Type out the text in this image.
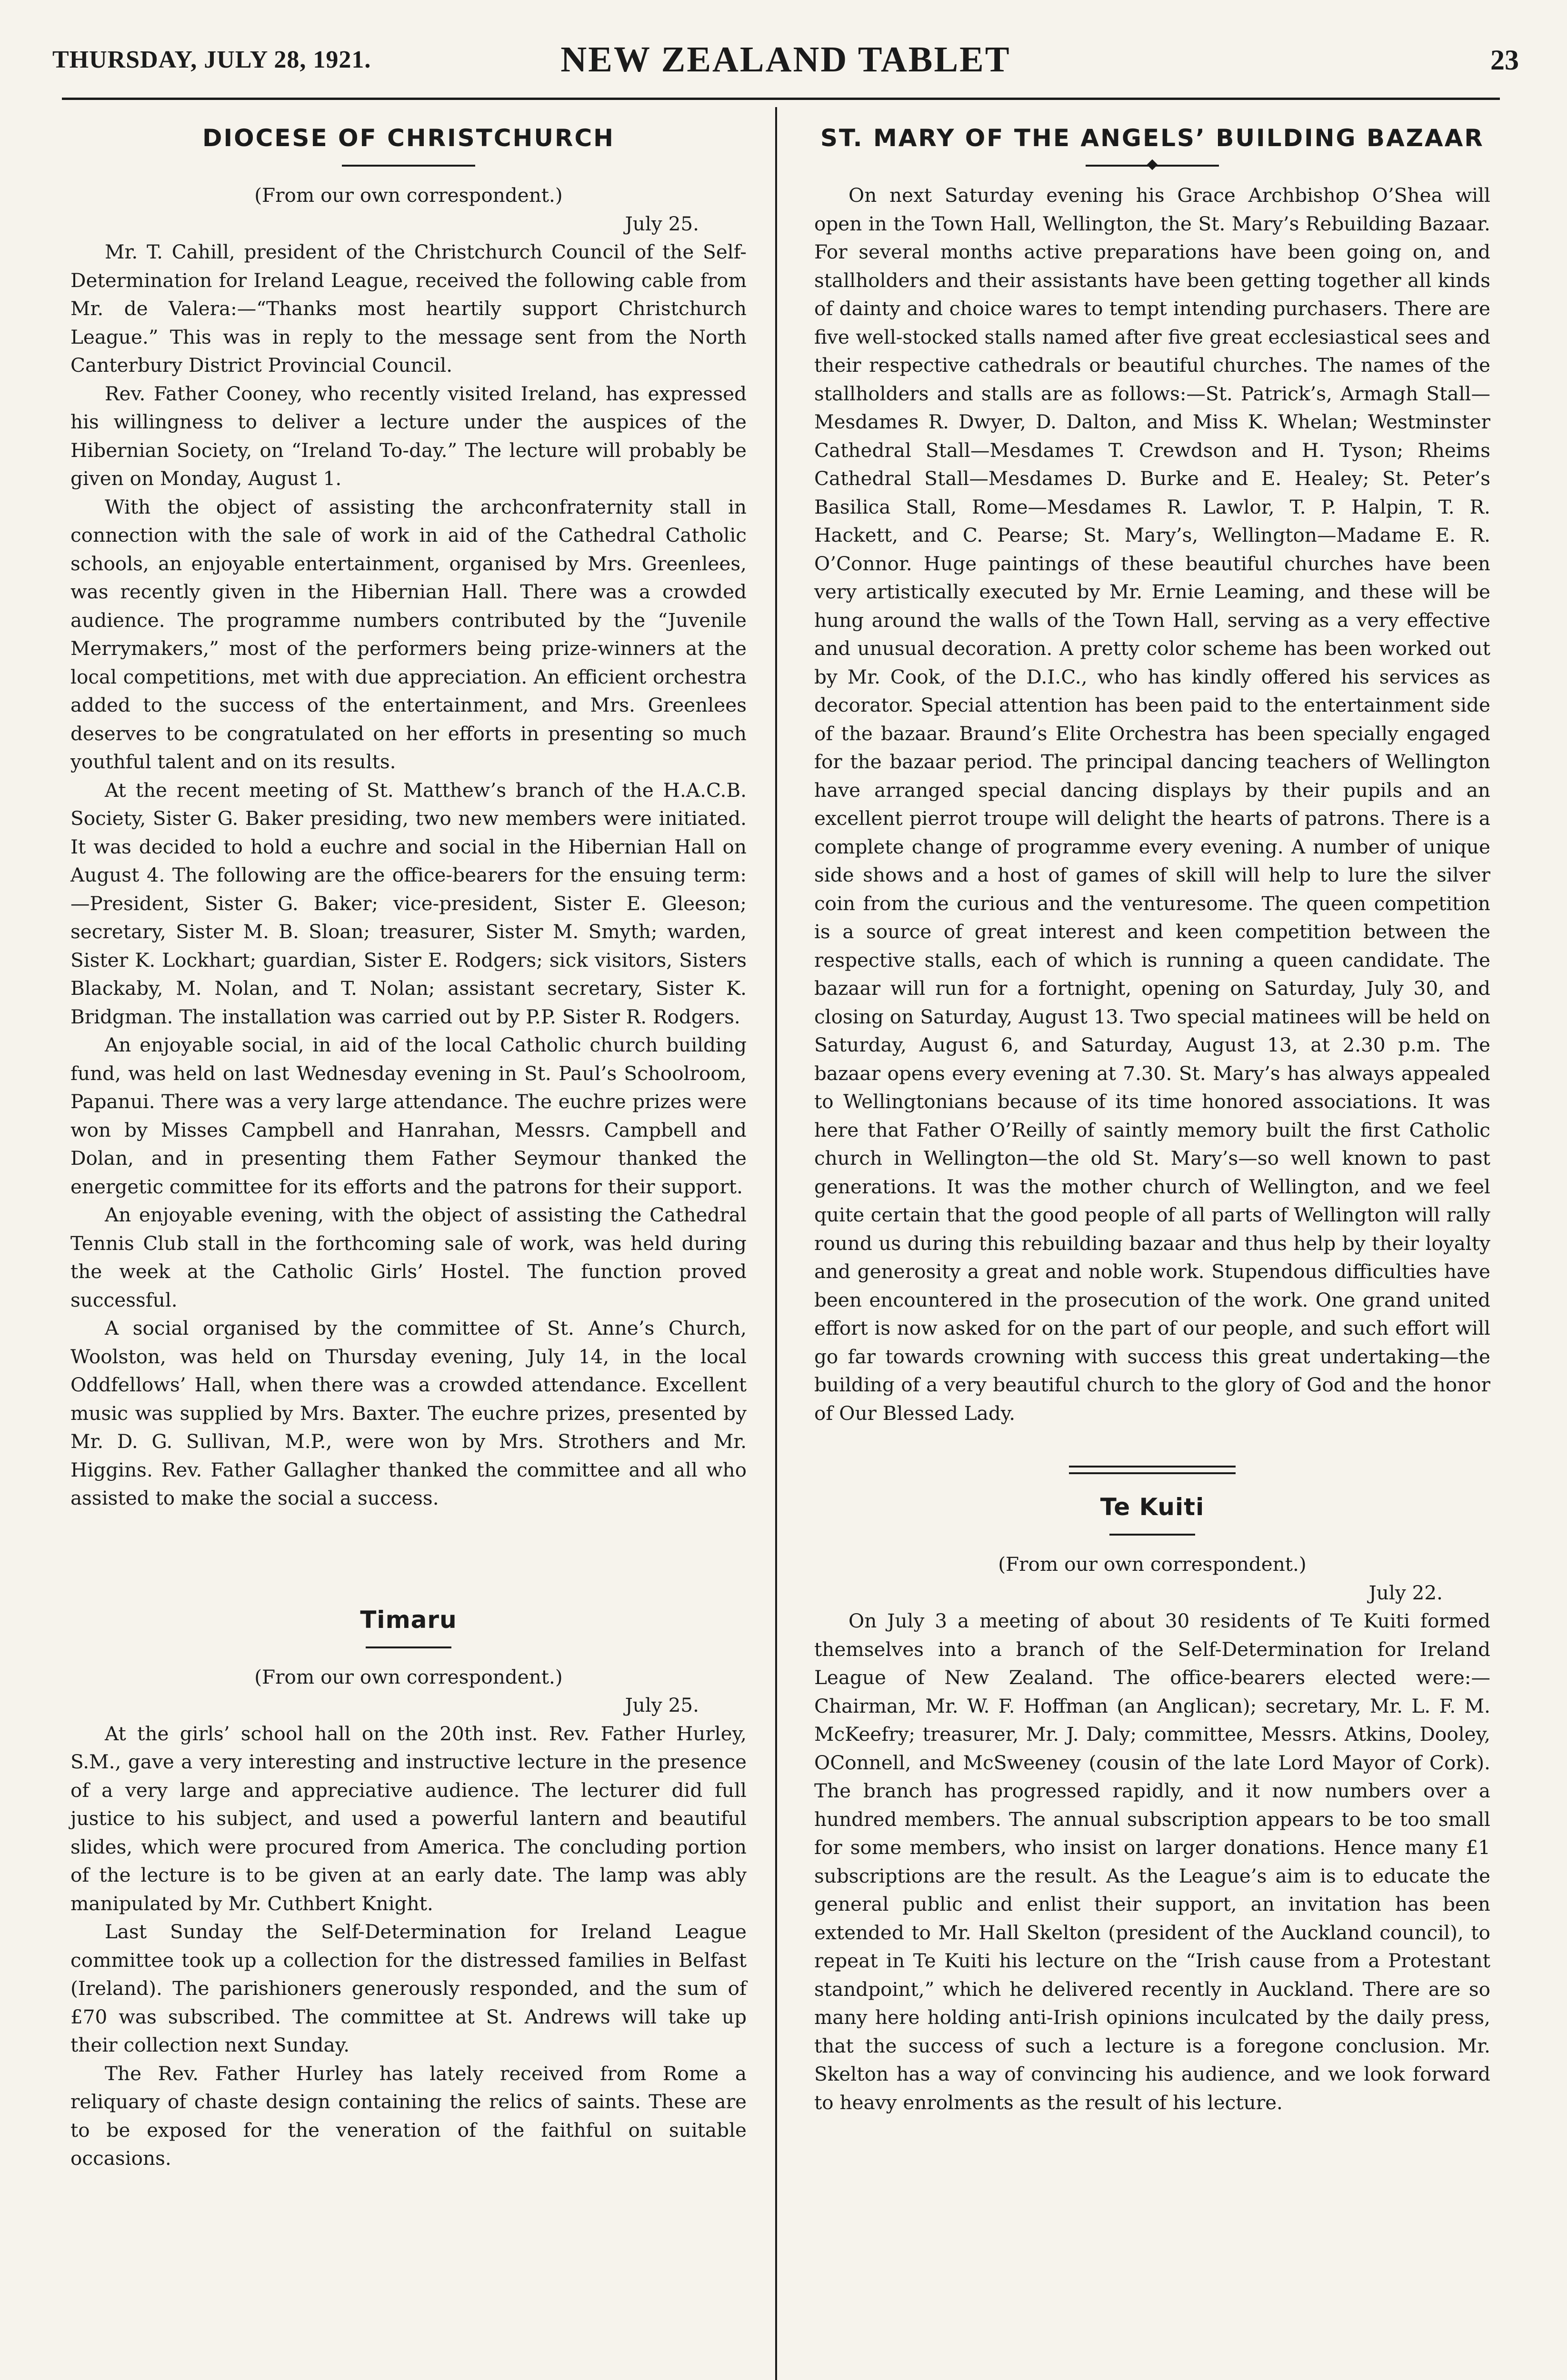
THURSDAY, JULY 28, 1921.	NEW ZEALAND TABLET	23
DIOCESE OF CHRISTCHURCH
(From our own correspondent.)
July 25.

Mr. T. Cahill, president of the Christchurch Council of the Self-Determination for Ireland League, received the following cable from Mr. de Valera:—“Thanks most heartily support Christchurch League.” This was in reply to the message sent from the North Canterbury District Provincial Council.

Rev. Father Cooney, who recently visited Ireland, has expressed his willingness to deliver a lecture under the auspices of the Hibernian Society, on “Ireland To-day.” The lecture will probably be given on Monday, August 1.

With the object of assisting the archconfraternity stall in connection with the sale of work in aid of the Cathedral Catholic schools, an enjoyable entertainment, organised by Mrs. Greenlees, was recently given in the Hibernian Hall. There was a crowded audience. The programme numbers contributed by the “Juvenile Merrymakers,” most of the performers being prize-winners at the local competitions, met with due appreciation. An efficient orchestra added to the success of the entertainment, and Mrs. Greenlees deserves to be congratulated on her efforts in presenting so much youthful talent and on its results.

At the recent meeting of St. Matthew’s branch of the H.A.C.B. Society, Sister G. Baker presiding, two new members were initiated. It was decided to hold a euchre and social in the Hibernian Hall on August 4. The following are the office-bearers for the ensuing term:—President, Sister G. Baker; vice-president, Sister E. Gleeson; secretary, Sister M. B. Sloan; treasurer, Sister M. Smyth; warden, Sister K. Lockhart; guardian, Sister E. Rodgers; sick visitors, Sisters Blackaby, M. Nolan, and T. Nolan; assistant secretary, Sister K. Bridgman. The installation was carried out by P.P. Sister R. Rodgers.

An enjoyable social, in aid of the local Catholic church building fund, was held on last Wednesday evening in St. Paul’s Schoolroom, Papanui. There was a very large attendance. The euchre prizes were won by Misses Campbell and Hanrahan, Messrs. Campbell and Dolan, and in presenting them Father Seymour thanked the energetic committee for its efforts and the patrons for their support.

An enjoyable evening, with the object of assisting the Cathedral Tennis Club stall in the forthcoming sale of work, was held during the week at the Catholic Girls’ Hostel. The function proved successful.

A social organised by the committee of St. Anne’s Church, Woolston, was held on Thursday evening, July 14, in the local Oddfellows’ Hall, when there was a crowded attendance. Excellent music was supplied by Mrs. Baxter. The euchre prizes, presented by Mr. D. G. Sullivan, M.P., were won by Mrs. Strothers and Mr. Higgins. Rev. Father Gallagher thanked the committee and all who assisted to make the social a success.

Timaru
(From our own correspondent.)
July 25.

At the girls’ school hall on the 20th inst. Rev. Father Hurley, S.M., gave a very interesting and instructive lecture in the presence of a very large and appreciative audience. The lecturer did full justice to his subject, and used a powerful lantern and beautiful slides, which were procured from America. The concluding portion of the lecture is to be given at an early date. The lamp was ably manipulated by Mr. Cuthbert Knight.

Last Sunday the Self-Determination for Ireland League committee took up a collection for the distressed families in Belfast (Ireland). The parishioners generously responded, and the sum of £70 was subscribed. The committee at St. Andrews will take up their collection next Sunday.

The Rev. Father Hurley has lately received from Rome a reliquary of chaste design containing the relics of saints. These are to be exposed for the veneration of the faithful on suitable occasions.

ST. MARY OF THE ANGELS’ BUILDING BAZAAR

On next Saturday evening his Grace Archbishop O’Shea will open in the Town Hall, Wellington, the St. Mary’s Rebuilding Bazaar. For several months active preparations have been going on, and stallholders and their assistants have been getting together all kinds of dainty and choice wares to tempt intending purchasers. There are five well-stocked stalls named after five great ecclesiastical sees and their respective cathedrals or beautiful churches. The names of the stallholders and stalls are as follows:—St. Patrick’s, Armagh Stall—Mesdames R. Dwyer, D. Dalton, and Miss K. Whelan; Westminster Cathedral Stall—Mesdames T. Crewdson and H. Tyson; Rheims Cathedral Stall—Mesdames D. Burke and E. Healey; St. Peter’s Basilica Stall, Rome—Mesdames R. Lawlor, T. P. Halpin, T. R. Hackett, and C. Pearse; St. Mary’s, Wellington—Madame E. R. O’Connor. Huge paintings of these beautiful churches have been very artistically executed by Mr. Ernie Leaming, and these will be hung around the walls of the Town Hall, serving as a very effective and unusual decoration. A pretty color scheme has been worked out by Mr. Cook, of the D.I.C., who has kindly offered his services as decorator. Special attention has been paid to the entertainment side of the bazaar. Braund’s Elite Orchestra has been specially engaged for the bazaar period. The principal dancing teachers of Wellington have arranged special dancing displays by their pupils and an excellent pierrot troupe will delight the hearts of patrons. There is a complete change of programme every evening. A number of unique side shows and a host of games of skill will help to lure the silver coin from the curious and the venturesome. The queen competition is a source of great interest and keen competition between the respective stalls, each of which is running a queen candidate. The bazaar will run for a fortnight, opening on Saturday, July 30, and closing on Saturday, August 13. Two special matinees will be held on Saturday, August 6, and Saturday, August 13, at 2.30 p.m. The bazaar opens every evening at 7.30. St. Mary’s has always appealed to Wellingtonians because of its time honored associations. It was here that Father O’Reilly of saintly memory built the first Catholic church in Wellington—the old St. Mary’s—so well known to past generations. It was the mother church of Wellington, and we feel quite certain that the good people of all parts of Wellington will rally round us during this rebuilding bazaar and thus help by their loyalty and generosity a great and noble work. Stupendous difficulties have been encountered in the prosecution of the work. One grand united effort is now asked for on the part of our people, and such effort will go far towards crowning with success this great undertaking—the building of a very beautiful church to the glory of God and the honor of Our Blessed Lady.

Te Kuiti
(From our own correspondent.)
July 22.

On July 3 a meeting of about 30 residents of Te Kuiti formed themselves into a branch of the Self-Determination for Ireland League of New Zealand. The office-bearers elected were:—Chairman, Mr. W. F. Hoffman (an Anglican); secretary, Mr. L. F. M. McKeefry; treasurer, Mr. J. Daly; committee, Messrs. Atkins, Dooley, OConnell, and McSweeney (cousin of the late Lord Mayor of Cork). The branch has progressed rapidly, and it now numbers over a hundred members. The annual subscription appears to be too small for some members, who insist on larger donations. Hence many £1 subscriptions are the result. As the League’s aim is to educate the general public and enlist their support, an invitation has been extended to Mr. Hall Skelton (president of the Auckland council), to repeat in Te Kuiti his lecture on the “Irish cause from a Protestant standpoint,” which he delivered recently in Auckland. There are so many here holding anti-Irish opinions inculcated by the daily press, that the success of such a lecture is a foregone conclusion. Mr. Skelton has a way of convincing his audience, and we look forward to heavy enrolments as the result of his lecture.
